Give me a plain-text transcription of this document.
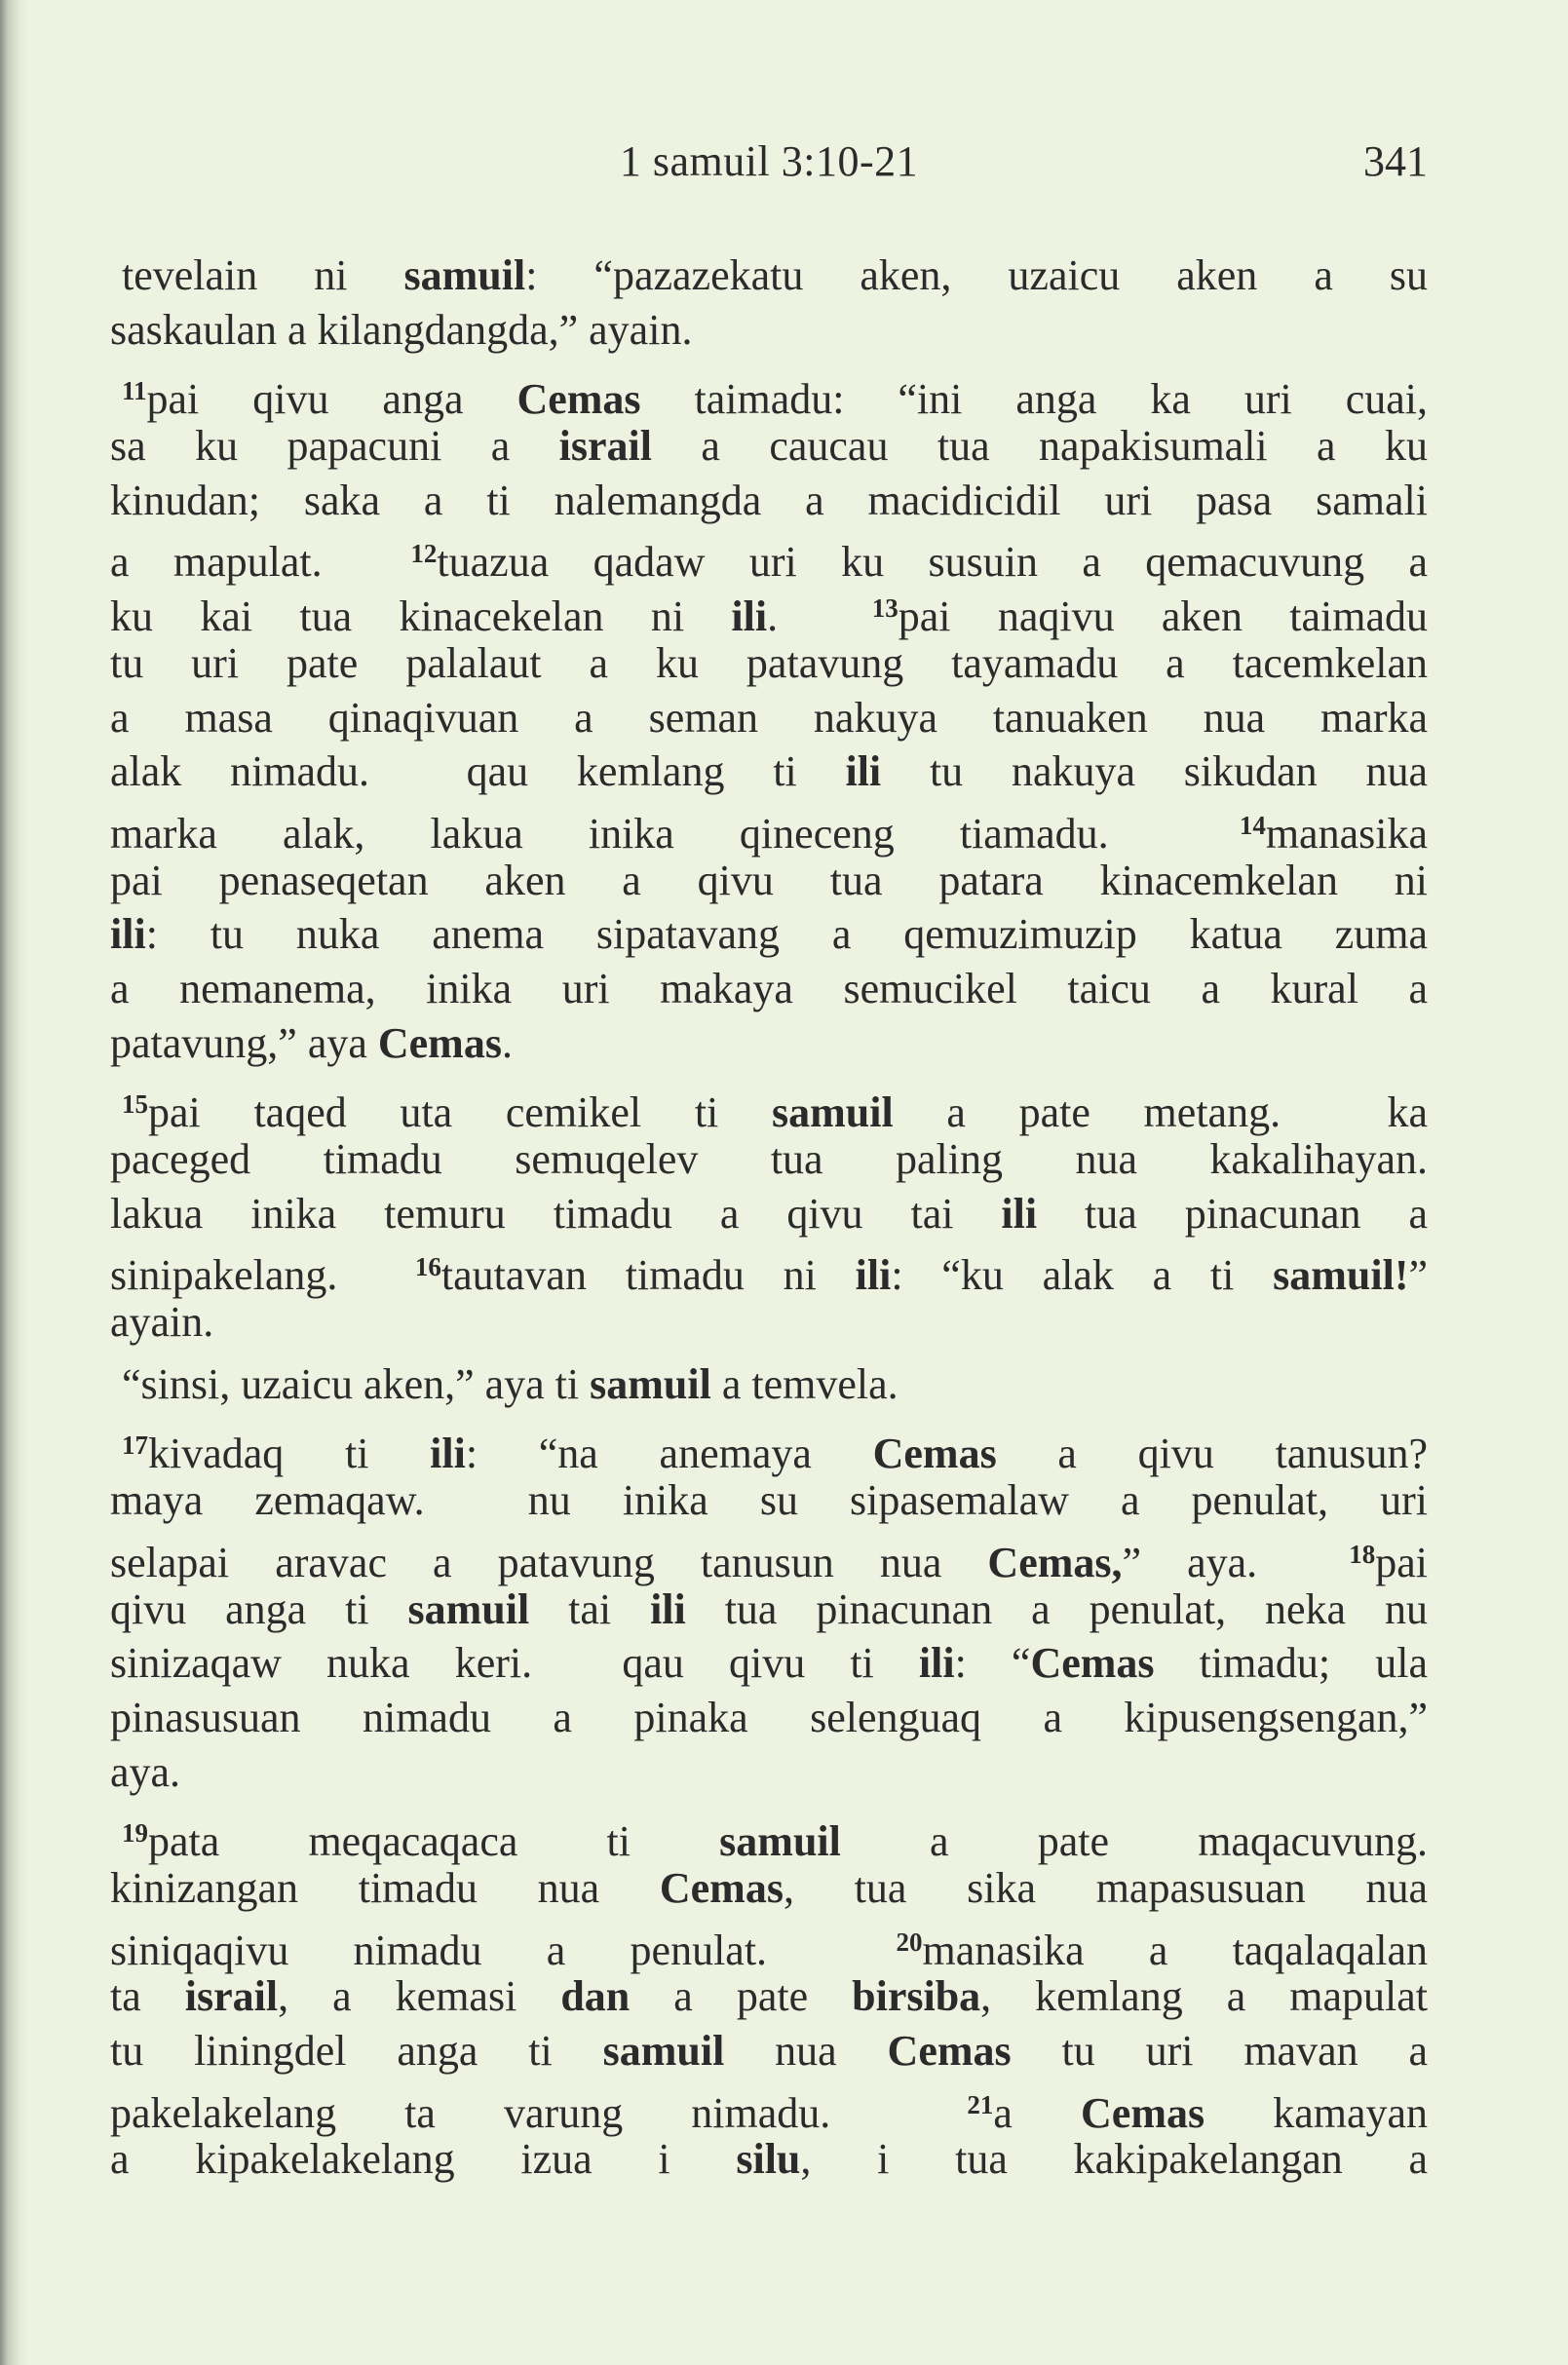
1 samuil 3:10-21	341
tevelain ni samuil: “pazazekatu aken, uzaicu aken a su
saskaulan a kilangdangda,” ayain.
$^{11}$pai qivu anga Cemas taimadu: “ini anga ka uri cuai,
sa ku papacuni a israil a caucau tua napakisumali a ku
kinudan; saka a ti nalemangda a macidicidil uri pasa samali
a mapulat.  $^{12}$tuazua qadaw uri ku susuin a qemacuvung a
ku kai tua kinacekelan ni ili.  $^{13}$pai naqivu aken taimadu
tu uri pate palalaut a ku patavung tayamadu a tacemkelan
a masa qinaqivuan a seman nakuya tanuaken nua marka
alak nimadu.  qau kemlang ti ili tu nakuya sikudan nua
marka alak, lakua inika qineceng tiamadu.  $^{14}$manasika
pai penaseqetan aken a qivu tua patara kinacemkelan ni
ili: tu nuka anema sipatavang a qemuzimuzip katua zuma
a nemanema, inika uri makaya semucikel taicu a kural a
patavung,” aya Cemas.
$^{15}$pai taqed uta cemikel ti samuil a pate metang.  ka
paceged timadu semuqelev tua paling nua kakalihayan.
lakua inika temuru timadu a qivu tai ili tua pinacunan a
sinipakelang.  $^{16}$tautavan timadu ni ili: “ku alak a ti samuil!”
ayain.
“sinsi, uzaicu aken,” aya ti samuil a temvela.
$^{17}$kivadaq ti ili: “na anemaya Cemas a qivu tanusun?
maya zemaqaw.  nu inika su sipasemalaw a penulat, uri
selapai aravac a patavung tanusun nua Cemas,” aya.  $^{18}$pai
qivu anga ti samuil tai ili tua pinacunan a penulat, neka nu
sinizaqaw nuka keri.  qau qivu ti ili: “Cemas timadu; ula
pinasusuan nimadu a pinaka selenguaq a kipusengsengan,”
aya.
$^{19}$pata meqacaqaca ti samuil a pate maqacuvung.
kinizangan timadu nua Cemas, tua sika mapasusuan nua
siniqaqivu nimadu a penulat.  $^{20}$manasika a taqalaqalan
ta israil, a kemasi dan a pate birsiba, kemlang a mapulat
tu liningdel anga ti samuil nua Cemas tu uri mavan a
pakelakelang ta varung nimadu.  $^{21}$a Cemas kamayan
a kipakelakelang izua i silu, i tua kakipakelangan a
